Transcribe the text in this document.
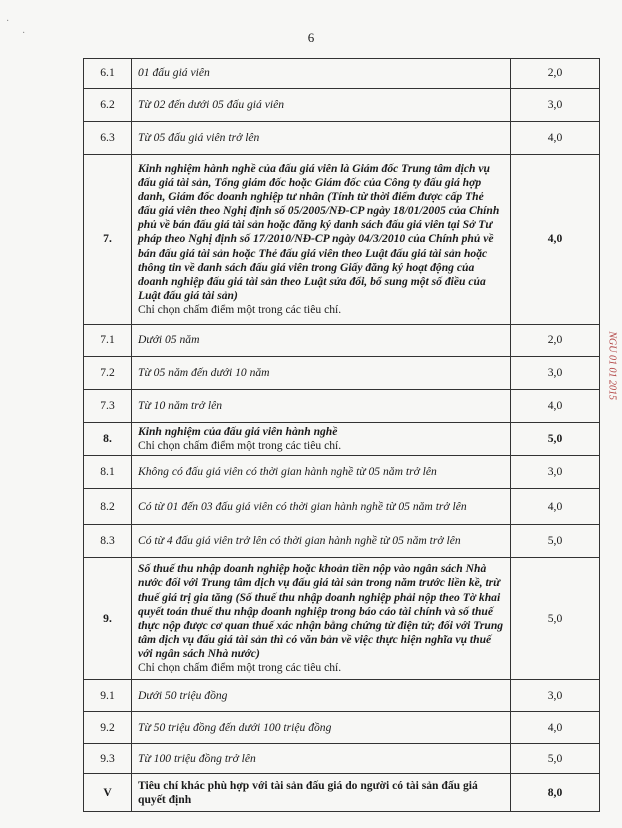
6
·
·
NGU 01 01 2015
6.1	01 đấu giá viên	2,0
6.2	Từ 02 đến dưới 05 đấu giá viên	3,0
6.3	Từ 05 đấu giá viên trở lên	4,0
7.	Kinh nghiệm hành nghề của đấu giá viên là Giám đốc Trung tâm dịch vụ đấu giá tài sản, Tổng giám đốc hoặc Giám đốc của Công ty đấu giá hợp danh, Giám đốc doanh nghiệp tư nhân (Tính từ thời điểm được cấp Thẻ đấu giá viên theo Nghị định số 05/2005/NĐ-CP ngày 18/01/2005 của Chính phủ về bán đấu giá tài sản hoặc đăng ký danh sách đấu giá viên tại Sở Tư pháp theo Nghị định số 17/2010/NĐ-CP ngày 04/3/2010 của Chính phủ về bán đấu giá tài sản hoặc Thẻ đấu giá viên theo Luật đấu giá tài sản hoặc thông tin về danh sách đấu giá viên trong Giấy đăng ký hoạt động của doanh nghiệp đấu giá tài sản theo Luật sửa đổi, bổ sung một số điều của Luật đấu giá tài sản)
Chỉ chọn chấm điểm một trong các tiêu chí.	4,0
7.1	Dưới 05 năm	2,0
7.2	Từ 05 năm đến dưới 10 năm	3,0
7.3	Từ 10 năm trở lên	4,0
8.	Kinh nghiệm của đấu giá viên hành nghề
Chỉ chọn chấm điểm một trong các tiêu chí.	5,0
8.1	Không có đấu giá viên có thời gian hành nghề từ 05 năm trở lên	3,0
8.2	Có từ 01 đến 03 đấu giá viên có thời gian hành nghề từ 05 năm trở lên	4,0
8.3	Có từ 4 đấu giá viên trở lên có thời gian hành nghề từ 05 năm trở lên	5,0
9.	Số thuế thu nhập doanh nghiệp hoặc khoản tiền nộp vào ngân sách Nhà nước đối với Trung tâm dịch vụ đấu giá tài sản trong năm trước liền kề, trừ thuế giá trị gia tăng (Số thuế thu nhập doanh nghiệp phải nộp theo Tờ khai quyết toán thuế thu nhập doanh nghiệp trong báo cáo tài chính và số thuế thực nộp được cơ quan thuế xác nhận bằng chứng từ điện tử; đối với Trung tâm dịch vụ đấu giá tài sản thì có văn bản về việc thực hiện nghĩa vụ thuế với ngân sách Nhà nước)
Chỉ chọn chấm điểm một trong các tiêu chí.	5,0
9.1	Dưới 50 triệu đồng	3,0
9.2	Từ 50 triệu đồng đến dưới 100 triệu đồng	4,0
9.3	Từ 100 triệu đồng trở lên	5,0
V	Tiêu chí khác phù hợp với tài sản đấu giá do người có tài sản đấu giá quyết định	8,0
